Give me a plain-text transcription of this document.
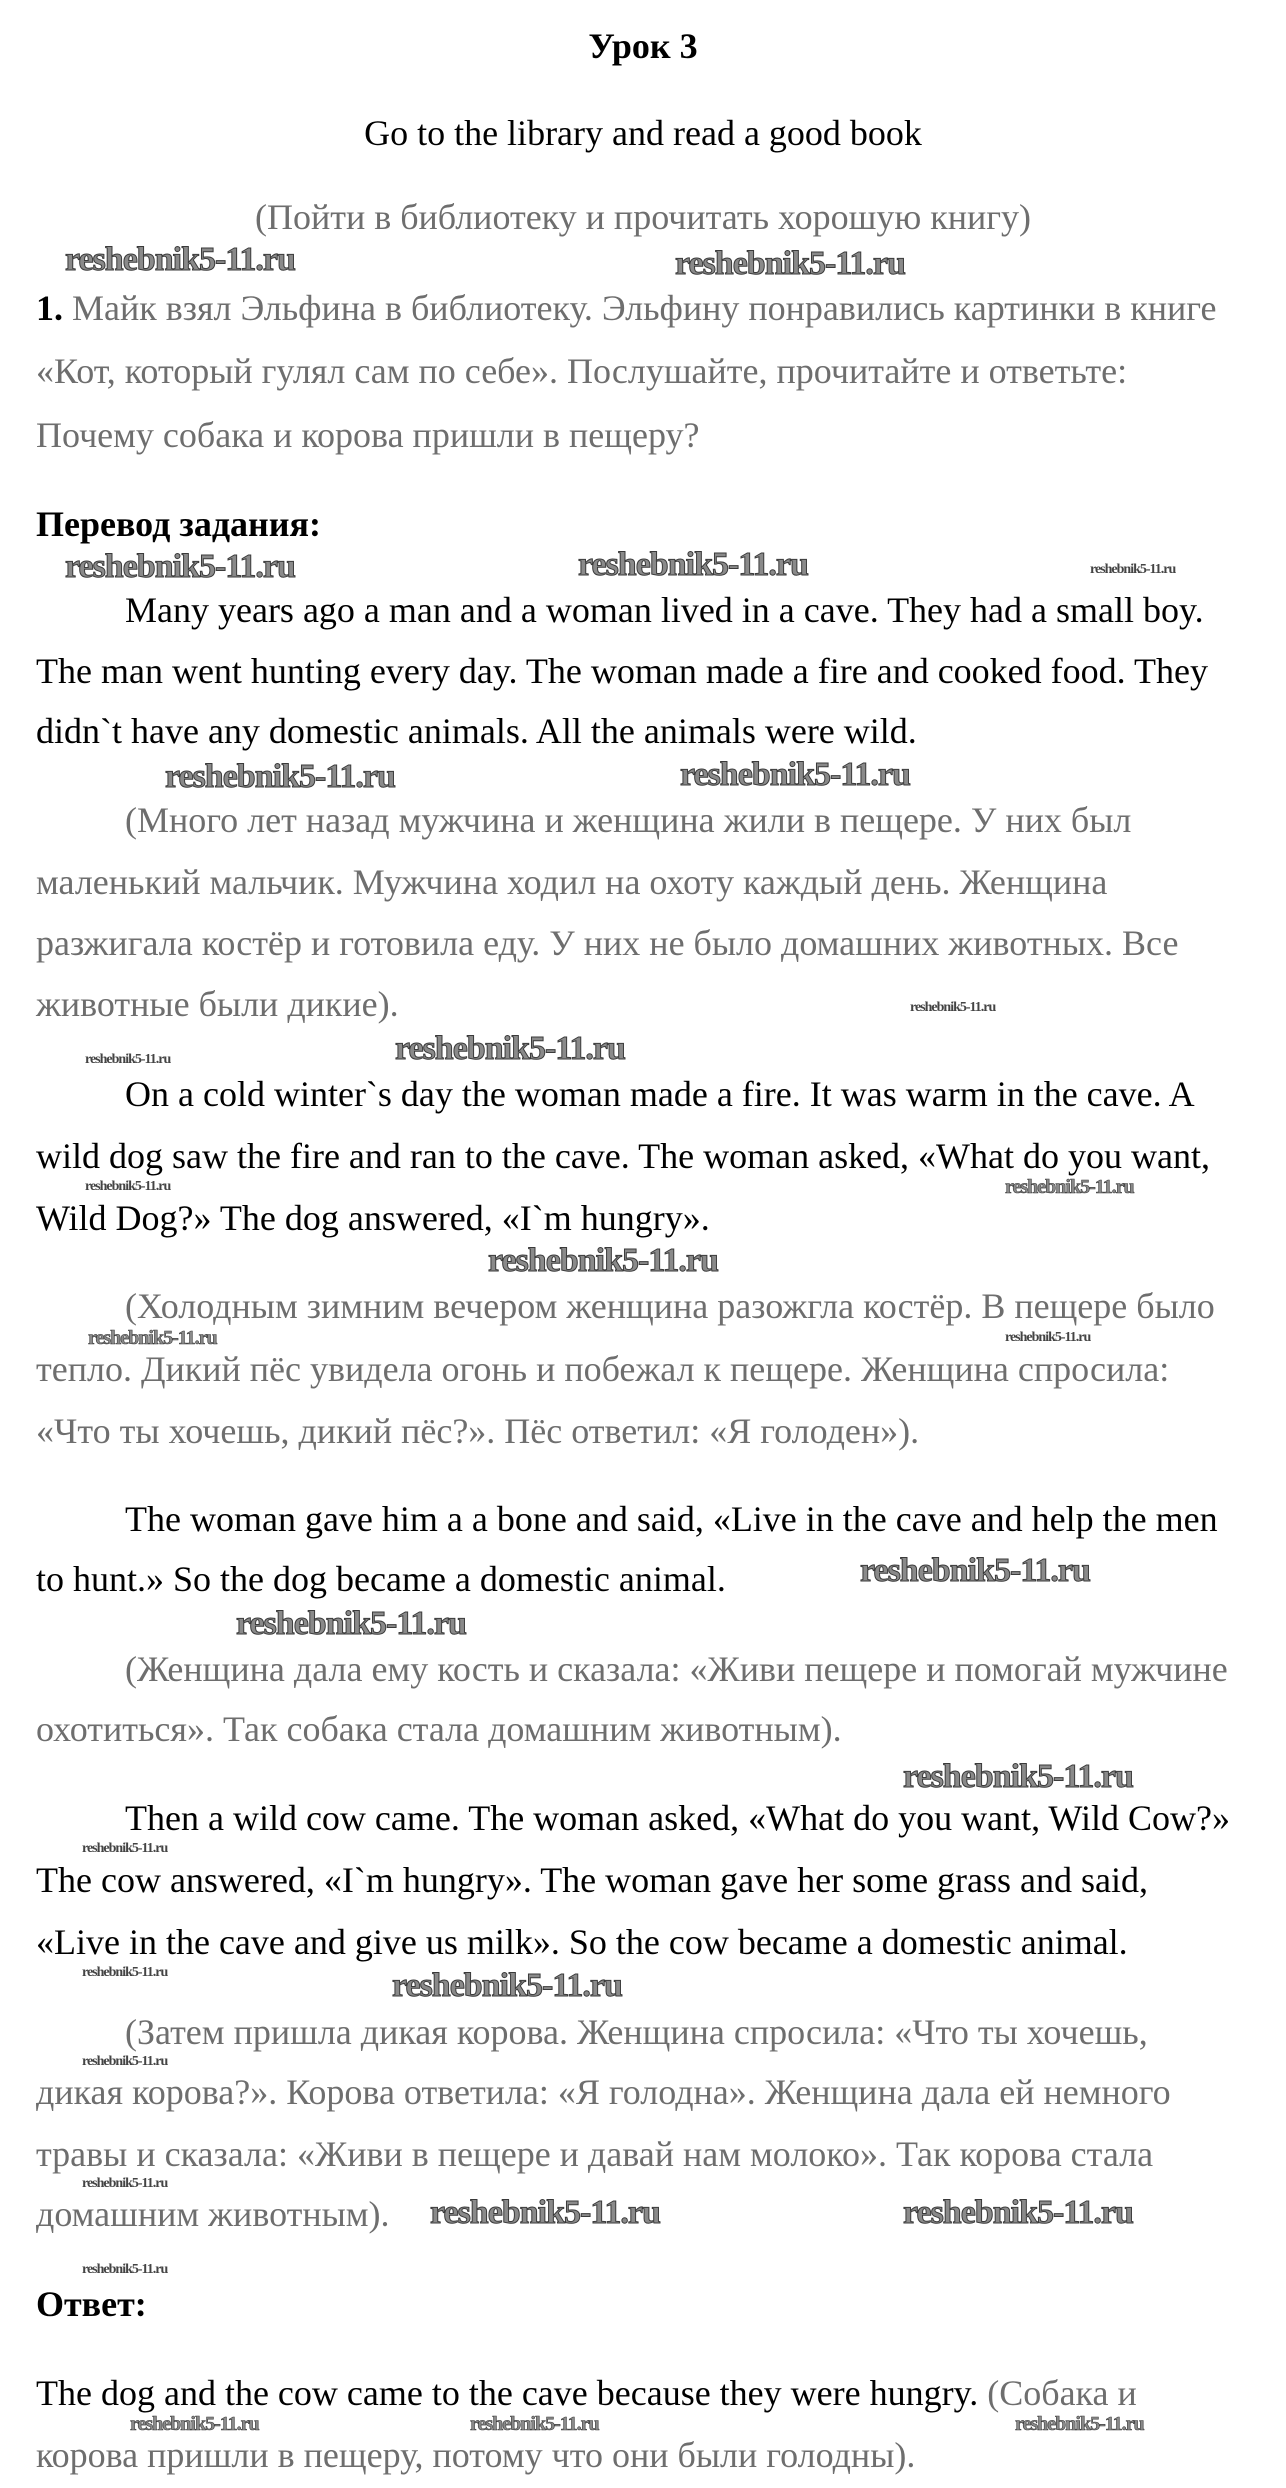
Урок 3
Go to the library and read a good book
(Пойти в библиотеку и прочитать хорошую книгу)
1. Майк взял Эльфина в библиотеку. Эльфину понравились картинки в книге
«Кот, который гулял сам по себе». Послушайте, прочитайте и ответьте:
Почему собака и корова пришли в пещеру?
Перевод задания:
Many years ago a man and a woman lived in a cave. They had a small boy.
The man went hunting every day. The woman made a fire and cooked food. They
didn`t have any domestic animals. All the animals were wild.
(Много лет назад мужчина и женщина жили в пещере. У них был
маленький мальчик. Мужчина ходил на охоту каждый день. Женщина
разжигала костёр и готовила еду. У них не было домашних животных. Все
животные были дикие).
On a cold winter`s day the woman made a fire. It was warm in the cave. A
wild dog saw the fire and ran to the cave. The woman asked, «What do you want,
Wild Dog?» The dog answered, «I`m hungry».
(Холодным зимним вечером женщина разожгла костёр. В пещере было
тепло. Дикий пёс увидела огонь и побежал к пещере. Женщина спросила:
«Что ты хочешь, дикий пёс?». Пёс ответил: «Я голоден»).
The woman gave him a a bone and said, «Live in the cave and help the men
to hunt.» So the dog became a domestic animal.
(Женщина дала ему кость и сказала: «Живи пещере и помогай мужчине
охотиться». Так собака стала домашним животным).
Then a wild cow came. The woman asked, «What do you want, Wild Cow?»
The cow answered, «I`m hungry». The woman gave her some grass and said,
«Live in the cave and give us milk». So the cow became a domestic animal.
(Затем пришла дикая корова. Женщина спросила: «Что ты хочешь,
дикая корова?». Корова ответила: «Я голодна». Женщина дала ей немного
травы и сказала: «Живи в пещере и давай нам молоко». Так корова стала
домашним животным).
Ответ:
The dog and the cow came to the cave because they were hungry. (Собака и
корова пришли в пещеру, потому что они были голодны).
reshebnik5-11.ru	reshebnik5-11.ru
reshebnik5-11.ru	reshebnik5-11.ru	reshebnik5-11.ru
reshebnik5-11.ru	reshebnik5-11.ru
reshebnik5-11.ru
reshebnik5-11.ru
reshebnik5-11.ru
reshebnik5-11.ru	reshebnik5-11.ru
reshebnik5-11.ru
reshebnik5-11.ru	reshebnik5-11.ru
reshebnik5-11.ru
reshebnik5-11.ru
reshebnik5-11.ru
reshebnik5-11.ru
reshebnik5-11.ru	reshebnik5-11.ru
reshebnik5-11.ru
reshebnik5-11.ru
reshebnik5-11.ru	reshebnik5-11.ru
reshebnik5-11.ru
reshebnik5-11.ru	reshebnik5-11.ru	reshebnik5-11.ru
